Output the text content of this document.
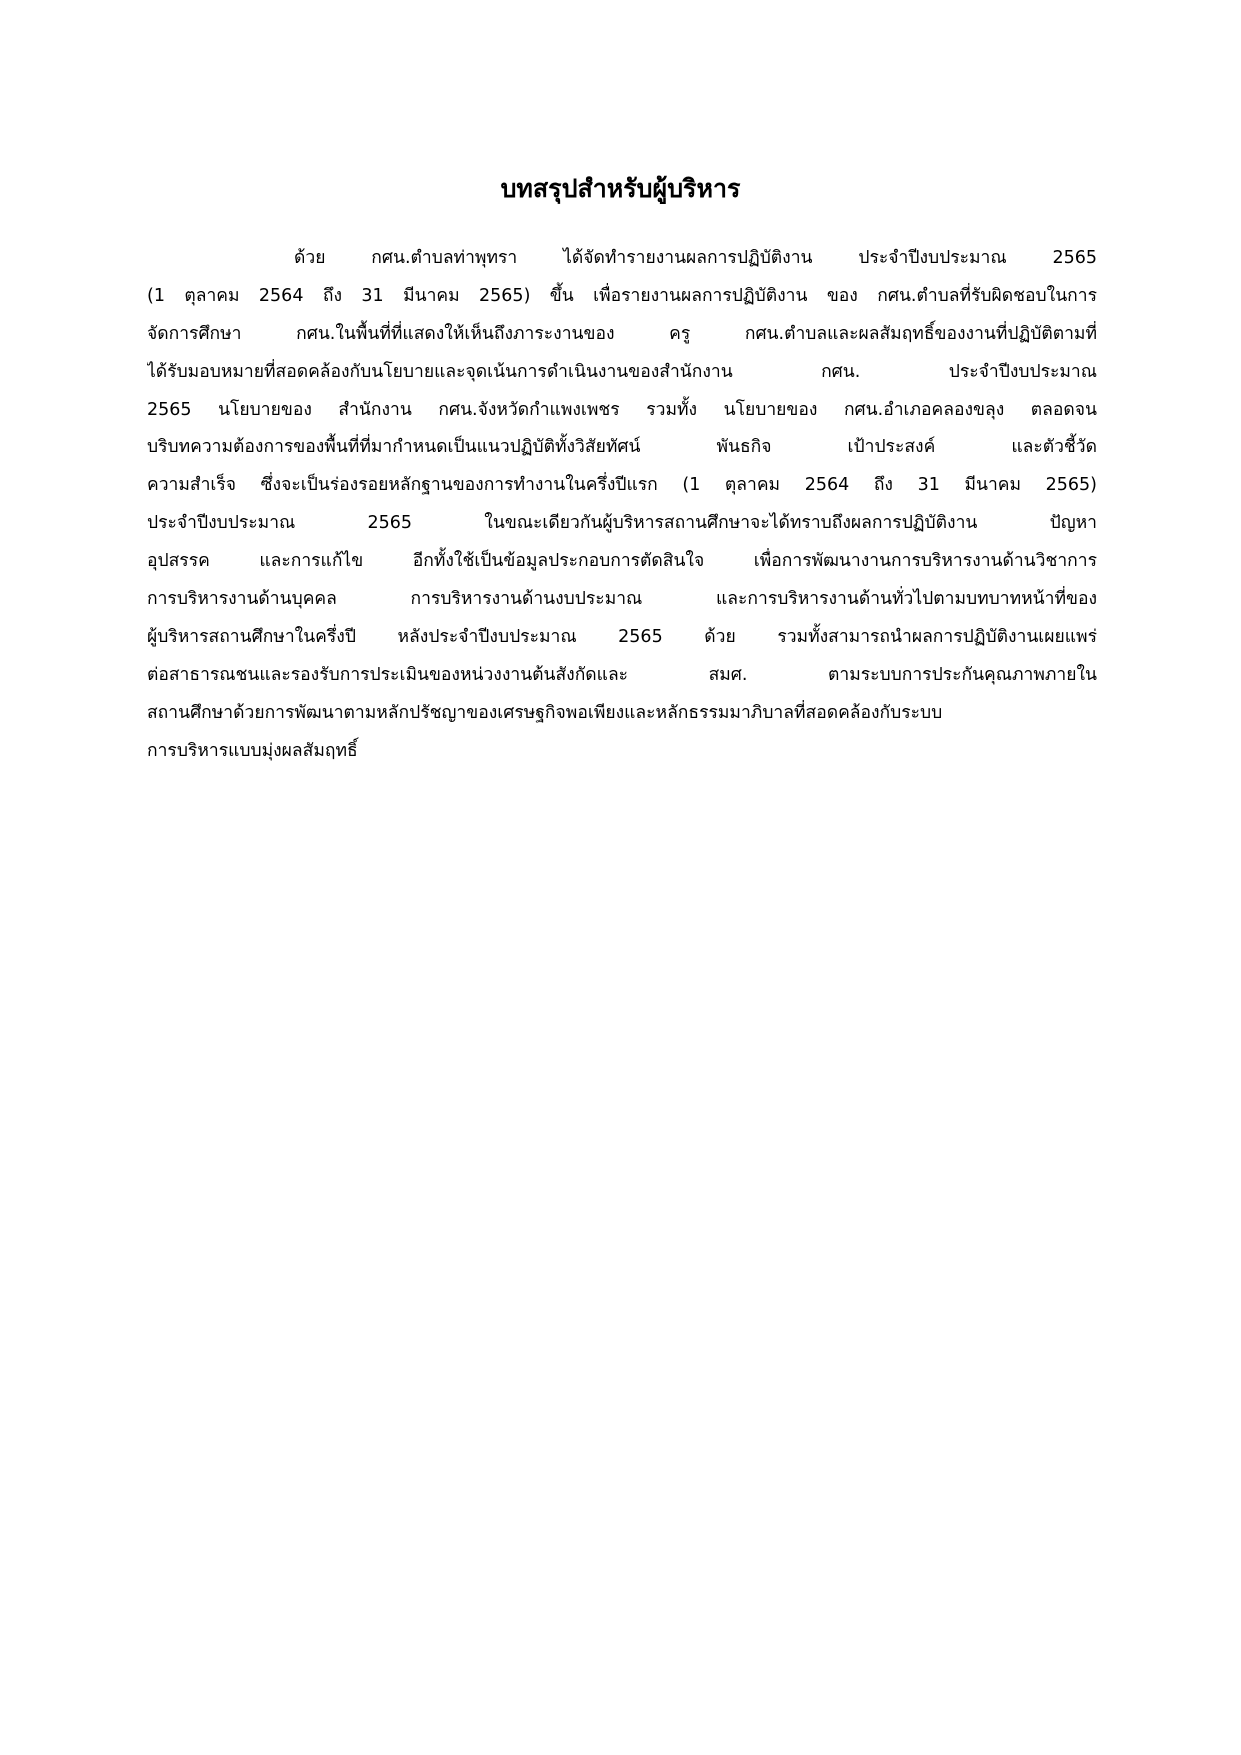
บทสรุปสำหรับผู้บริหาร
ด้วย กศน.ตำบลท่าพุทรา ได้จัดทำรายงานผลการปฏิบัติงาน ประจำปีงบประมาณ 2565
(1 ตุลาคม 2564 ถึง 31 มีนาคม 2565) ขึ้น เพื่อรายงานผลการปฏิบัติงาน ของ กศน.ตำบลที่รับผิดชอบในการ
จัดการศึกษา กศน.ในพื้นที่ที่แสดงให้เห็นถึงภาระงานของ ครู กศน.ตำบลและผลสัมฤทธิ์ของงานที่ปฏิบัติตามที่
ได้รับมอบหมายที่สอดคล้องกับนโยบายและจุดเน้นการดำเนินงานของสำนักงาน กศน. ประจำปีงบประมาณ
2565 นโยบายของ สำนักงาน กศน.จังหวัดกำแพงเพชร รวมทั้ง นโยบายของ กศน.อำเภอคลองขลุง ตลอดจน
บริบทความต้องการของพื้นที่ที่มากำหนดเป็นแนวปฏิบัติทั้งวิสัยทัศน์ พันธกิจ เป้าประสงค์ และตัวชี้วัด
ความสำเร็จ ซึ่งจะเป็นร่องรอยหลักฐานของการทำงานในครึ่งปีแรก (1 ตุลาคม 2564 ถึง 31 มีนาคม 2565)
ประจำปีงบประมาณ 2565 ในขณะเดียวกันผู้บริหารสถานศึกษาจะได้ทราบถึงผลการปฏิบัติงาน ปัญหา
อุปสรรค และการแก้ไข อีกทั้งใช้เป็นข้อมูลประกอบการตัดสินใจ เพื่อการพัฒนางานการบริหารงานด้านวิชาการ
การบริหารงานด้านบุคคล การบริหารงานด้านงบประมาณ และการบริหารงานด้านทั่วไปตามบทบาทหน้าที่ของ
ผู้บริหารสถานศึกษาในครึ่งปี หลังประจำปีงบประมาณ 2565 ด้วย รวมทั้งสามารถนำผลการปฏิบัติงานเผยแพร่
ต่อสาธารณชนและรองรับการประเมินของหน่วงงานต้นสังกัดและ สมศ. ตามระบบการประกันคุณภาพภายใน
สถานศึกษาด้วยการพัฒนาตามหลักปรัชญาของเศรษฐกิจพอเพียงและหลักธรรมมาภิบาลที่สอดคล้องกับระบบ
การบริหารแบบมุ่งผลสัมฤทธิ์
